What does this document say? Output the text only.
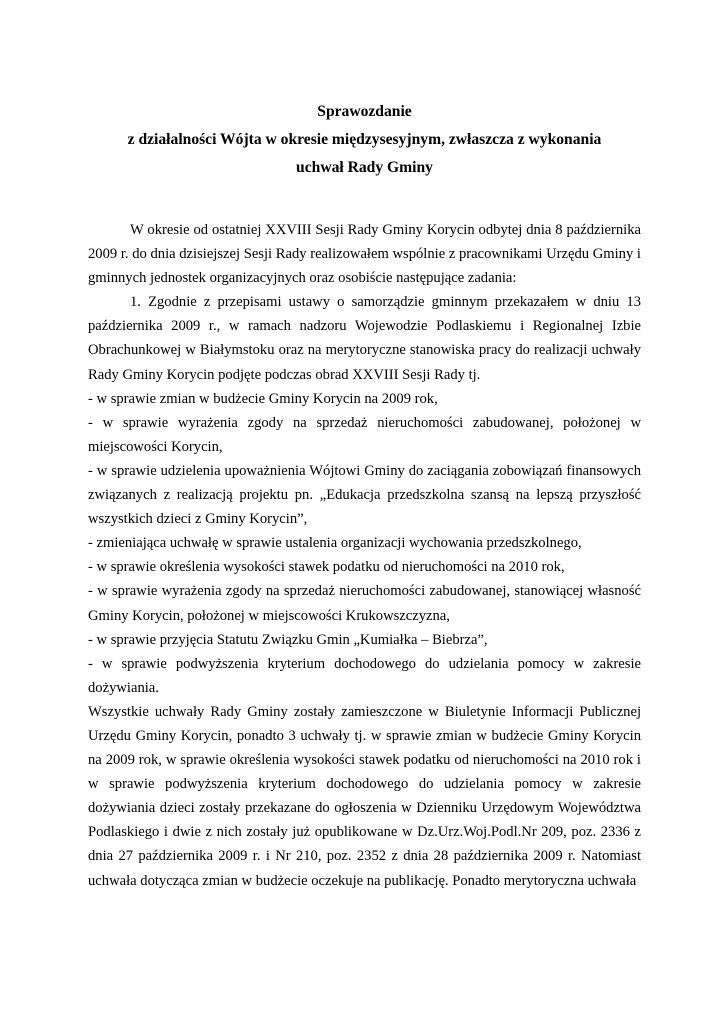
Sprawozdanie
z działalności Wójta w okresie międzysesyjnym, zwłaszcza z wykonania
uchwał Rady Gminy

W okresie od ostatniej XXVIII Sesji Rady Gminy Korycin odbytej dnia 8 października 2009 r. do dnia dzisiejszej Sesji Rady realizowałem wspólnie z pracownikami Urzędu Gminy i gminnych jednostek organizacyjnych oraz osobiście następujące zadania:

1. Zgodnie z przepisami ustawy o samorządzie gminnym przekazałem w dniu 13 października 2009 r., w ramach nadzoru Wojewodzie Podlaskiemu i Regionalnej Izbie Obrachunkowej w Białymstoku oraz na merytoryczne stanowiska pracy do realizacji uchwały Rady Gminy Korycin podjęte podczas obrad XXVIII Sesji Rady tj.

- w sprawie zmian w budżecie Gminy Korycin na 2009 rok,

- w sprawie wyrażenia zgody na sprzedaż nieruchomości zabudowanej, położonej w miejscowości Korycin,

- w sprawie udzielenia upoważnienia Wójtowi Gminy do zaciągania zobowiązań finansowych związanych z realizacją projektu pn. „Edukacja przedszkolna szansą na lepszą przyszłość wszystkich dzieci z Gminy Korycin”,

- zmieniająca uchwałę w sprawie ustalenia organizacji wychowania przedszkolnego,

- w sprawie określenia wysokości stawek podatku od nieruchomości na 2010 rok,

- w sprawie wyrażenia zgody na sprzedaż nieruchomości zabudowanej, stanowiącej własność Gminy Korycin, położonej w miejscowości Krukowszczyzna,

- w sprawie przyjęcia Statutu Związku Gmin „Kumiałka – Biebrza”,

- w sprawie podwyższenia kryterium dochodowego do udzielania pomocy w zakresie dożywiania.

Wszystkie uchwały Rady Gminy zostały zamieszczone w Biuletynie Informacji Publicznej Urzędu Gminy Korycin, ponadto 3 uchwały tj. w sprawie zmian w budżecie Gminy Korycin na 2009 rok, w sprawie określenia wysokości stawek podatku od nieruchomości na 2010 rok i w sprawie podwyższenia kryterium dochodowego do udzielania pomocy w zakresie dożywiania dzieci zostały przekazane do ogłoszenia w Dzienniku Urzędowym Województwa Podlaskiego i dwie z nich zostały już opublikowane w Dz.Urz.Woj.Podl.Nr 209, poz. 2336 z dnia 27 października 2009 r. i Nr 210, poz. 2352 z dnia 28 października 2009 r. Natomiast uchwała dotycząca zmian w budżecie oczekuje na publikację. Ponadto merytoryczna uchwała
